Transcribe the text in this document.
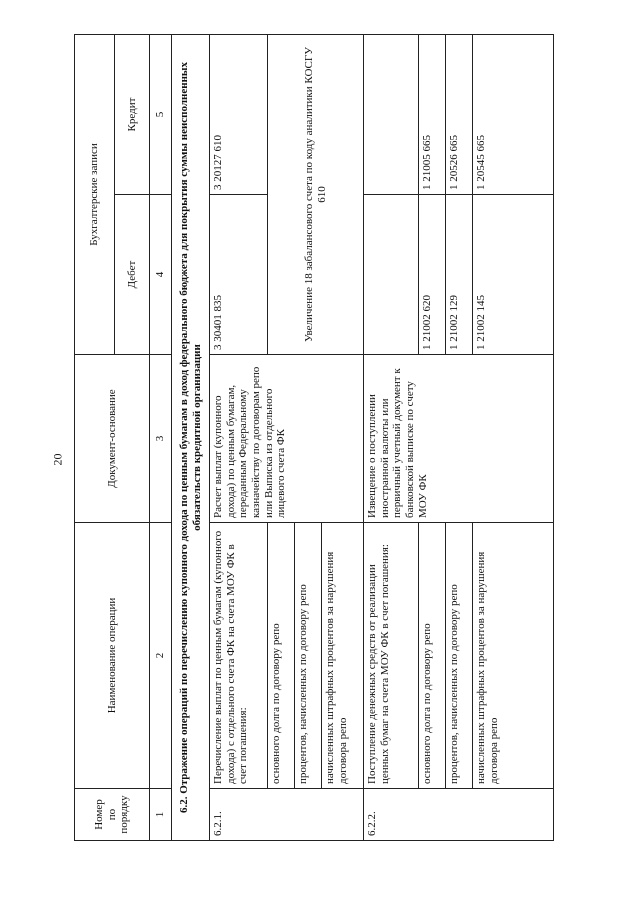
20
Номер по порядку	Наименование операции	Документ-основание	Бухгалтерские записи	
			Дебет	Кредит
1	2	3	4	5
6.2. Отражение операций по перечислению купонного дохода по ценным бумагам в доход федерального бюджета для покрытия суммы неисполненных обязательств кредитной организации				
6.2.1.	Перечисление выплат по ценным бумагам (купонного дохода) с отдельного счета ФК на счета МОУ ФК в счет погашения:	Расчет выплат (купонного дохода) по ценным бумагам, переданным Федеральному казначейству по договорам репо или Выписка из отдельного лицевого счета ФК	3 30401 835	3 20127 610
	основного долга по договору репо		Увеличение 18 забалансового счета по коду аналитики КОСГУ 610	
	процентов, начисленных по договору репо			
	начисленных штрафных процентов за нарушения договора репо			
6.2.2.	Поступление денежных средств от реализации ценных бумаг на счета МОУ ФК в счет погашения:	Извещение о поступлении иностранной валюты или первичный учетный документ к банковской выписке по счету МОУ ФК		
	основного долга по договору репо		1 21002 620	1 21005 665
	процентов, начисленных по договору репо		1 21002 129	1 20526 665
	начисленных штрафных процентов за нарушения договора репо		1 21002 145	1 20545 665
